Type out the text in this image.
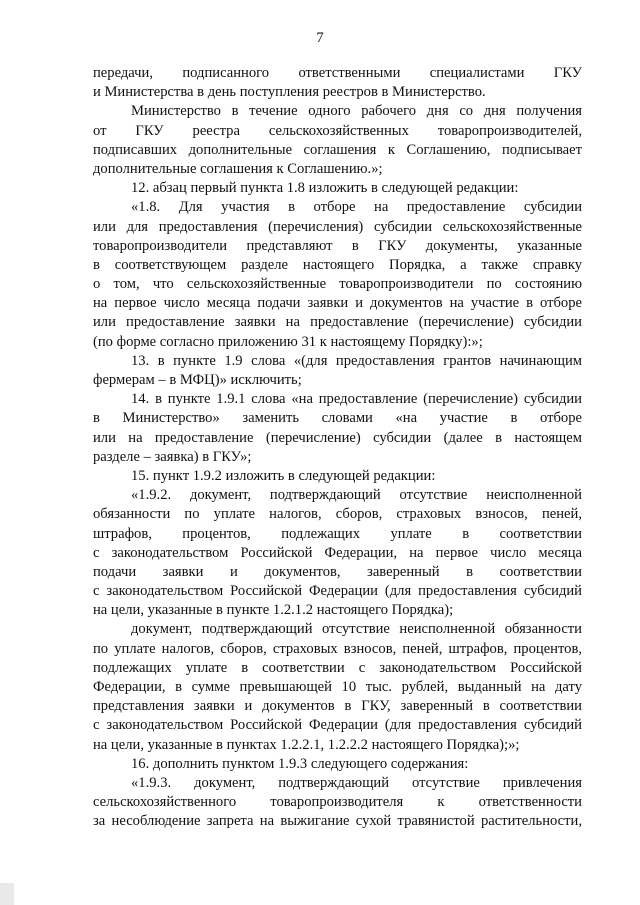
7
передачи, подписанного ответственными специалистами ГКУ
и Министерства в день поступления реестров в Министерство.
Министерство в течение одного рабочего дня со дня получения
от ГКУ реестра сельскохозяйственных товаропроизводителей,
подписавших дополнительные соглашения к Соглашению, подписывает
дополнительные соглашения к Соглашению.»;
12. абзац первый пункта 1.8 изложить в следующей редакции:
«1.8. Для участия в отборе на предоставление субсидии
или для предоставления (перечисления) субсидии сельскохозяйственные
товаропроизводители представляют в ГКУ документы, указанные
в соответствующем разделе настоящего Порядка, а также справку
о том, что сельскохозяйственные товаропроизводители по состоянию
на первое число месяца подачи заявки и документов на участие в отборе
или предоставление заявки на предоставление (перечисление) субсидии
(по форме согласно приложению 31 к настоящему Порядку):»;
13. в пункте 1.9 слова «(для предоставления грантов начинающим
фермерам – в МФЦ)» исключить;
14. в пункте 1.9.1 слова «на предоставление (перечисление) субсидии
в Министерство» заменить словами «на участие в отборе
или на предоставление (перечисление) субсидии (далее в настоящем
разделе – заявка) в ГКУ»;
15. пункт 1.9.2 изложить в следующей редакции:
«1.9.2. документ, подтверждающий отсутствие неисполненной
обязанности по уплате налогов, сборов, страховых взносов, пеней,
штрафов, процентов, подлежащих уплате в соответствии
с законодательством Российской Федерации, на первое число месяца
подачи заявки и документов, заверенный в соответствии
с законодательством Российской Федерации (для предоставления субсидий
на цели, указанные в пункте 1.2.1.2 настоящего Порядка);
документ, подтверждающий отсутствие неисполненной обязанности
по уплате налогов, сборов, страховых взносов, пеней, штрафов, процентов,
подлежащих уплате в соответствии с законодательством Российской
Федерации, в сумме превышающей 10 тыс. рублей, выданный на дату
представления заявки и документов в ГКУ, заверенный в соответствии
с законодательством Российской Федерации (для предоставления субсидий
на цели, указанные в пунктах 1.2.2.1, 1.2.2.2 настоящего Порядка);»;
16. дополнить пунктом 1.9.3 следующего содержания:
«1.9.3. документ, подтверждающий отсутствие привлечения
сельскохозяйственного товаропроизводителя к ответственности
за несоблюдение запрета на выжигание сухой травянистой растительности,
